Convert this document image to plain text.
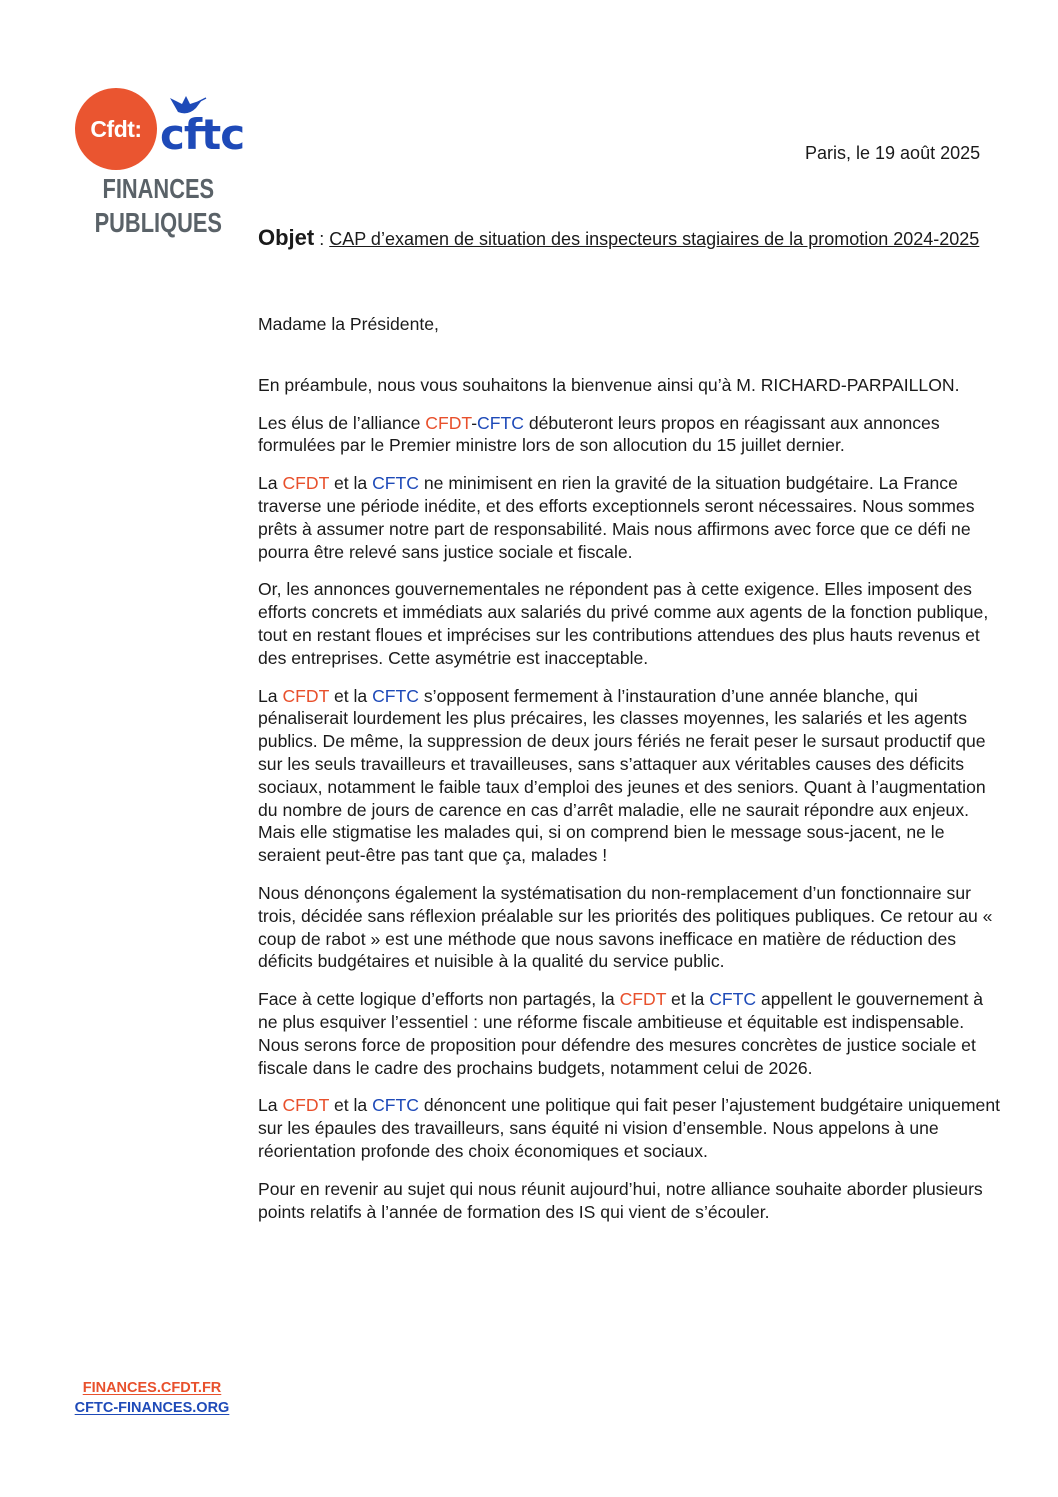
Cfdt: cftc
FINANCES
PUBLIQUES
Paris, le 19 août 2025

Objet : CAP d’examen de situation des inspecteurs stagiaires de la promotion 2024-2025

Madame la Présidente,

En préambule, nous vous souhaitons la bienvenue ainsi qu’à M. RICHARD-PARPAILLON.

Les élus de l’alliance CFDT-CFTC débuteront leurs propos en réagissant aux annonces formulées par le Premier ministre lors de son allocution du 15 juillet dernier.

La CFDT et la CFTC ne minimisent en rien la gravité de la situation budgétaire. La France traverse une période inédite, et des efforts exceptionnels seront nécessaires. Nous sommes prêts à assumer notre part de responsabilité. Mais nous affirmons avec force que ce défi ne pourra être relevé sans justice sociale et fiscale.

Or, les annonces gouvernementales ne répondent pas à cette exigence. Elles imposent des efforts concrets et immédiats aux salariés du privé comme aux agents de la fonction publique, tout en restant floues et imprécises sur les contributions attendues des plus hauts revenus et des entreprises. Cette asymétrie est inacceptable.

La CFDT et la CFTC s’opposent fermement à l’instauration d’une année blanche, qui pénaliserait lourdement les plus précaires, les classes moyennes, les salariés et les agents publics. De même, la suppression de deux jours fériés ne ferait peser le sursaut productif que sur les seuls travailleurs et travailleuses, sans s’attaquer aux véritables causes des déficits sociaux, notamment le faible taux d’emploi des jeunes et des seniors. Quant à l’augmentation du nombre de jours de carence en cas d’arrêt maladie, elle ne saurait répondre aux enjeux. Mais elle stigmatise les malades qui, si on comprend bien le message sous-jacent, ne le seraient peut-être pas tant que ça, malades !

Nous dénonçons également la systématisation du non-remplacement d’un fonctionnaire sur trois, décidée sans réflexion préalable sur les priorités des politiques publiques. Ce retour au « coup de rabot » est une méthode que nous savons inefficace en matière de réduction des déficits budgétaires et nuisible à la qualité du service public.

Face à cette logique d’efforts non partagés, la CFDT et la CFTC appellent le gouvernement à ne plus esquiver l’essentiel : une réforme fiscale ambitieuse et équitable est indispensable. Nous serons force de proposition pour défendre des mesures concrètes de justice sociale et fiscale dans le cadre des prochains budgets, notamment celui de 2026.

La CFDT et la CFTC dénoncent une politique qui fait peser l’ajustement budgétaire uniquement sur les épaules des travailleurs, sans équité ni vision d’ensemble. Nous appelons à une réorientation profonde des choix économiques et sociaux.

Pour en revenir au sujet qui nous réunit aujourd’hui, notre alliance souhaite aborder plusieurs points relatifs à l’année de formation des IS qui vient de s’écouler.

FINANCES.CFDT.FR
CFTC-FINANCES.ORG
